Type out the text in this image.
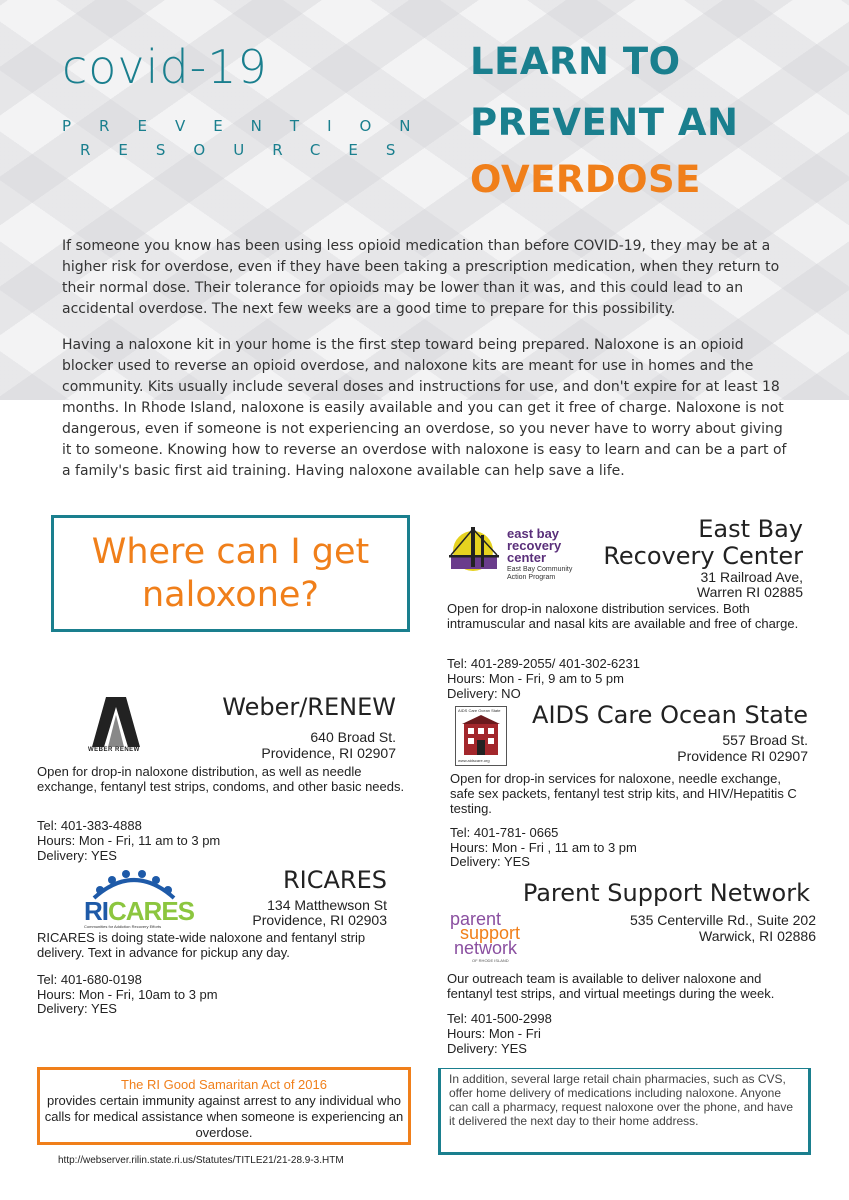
covid-19
PREVENTION
RESOURCES
LEARN TO
PREVENT AN
OVERDOSE

If someone you know has been using less opioid medication than before COVID-19, they may be at a higher risk for overdose, even if they have been taking a prescription medication, when they return to their normal dose. Their tolerance for opioids may be lower than it was, and this could lead to an accidental overdose. The next few weeks are a good time to prepare for this possibility.

Having a naloxone kit in your home is the first step toward being prepared. Naloxone is an opioid blocker used to reverse an opioid overdose, and naloxone kits are meant for use in homes and the community. Kits usually include several doses and instructions for use, and don't expire for at least 18 months. In Rhode Island, naloxone is easily available and you can get it free of charge. Naloxone is not dangerous, even if someone is not experiencing an overdose, so you never have to worry about giving it to someone. Knowing how to reverse an overdose with naloxone is easy to learn and can be a part of a family's basic first aid training. Having naloxone available can help save a life.

Where can I get naloxone?
east bay
recovery
center
East Bay Community
Action Program
East Bay
Recovery Center
31 Railroad Ave,
Warren RI 02885
Open for drop-in naloxone distribution services. Both intramuscular and nasal kits are available and free of charge.
Tel: 401-289-2055/ 401-302-6231
Hours: Mon - Fri, 9 am to 5 pm
Delivery: NO
WEBER RENEW
Weber/RENEW
640 Broad St.
Providence, RI 02907
Open for drop-in naloxone distribution, as well as needle exchange, fentanyl test strips, condoms, and other basic needs.
Tel: 401-383-4888
Hours: Mon - Fri, 11 am to 3 pm
Delivery: YES
AIDS Care Ocean State
www.aidscare.org
AIDS Care Ocean State
557 Broad St.
Providence RI 02907
Open for drop-in services for naloxone, needle exchange, safe sex packets, fentanyl test strip kits, and HIV/Hepatitis C testing.
Tel: 401-781- 0665
Hours: Mon - Fri , 11 am to 3 pm
Delivery: YES
RICARES
Communities for Addiction Recovery Efforts
RICARES
134 Matthewson St
Providence, RI 02903
RICARES is doing state-wide naloxone and fentanyl strip delivery. Text in advance for pickup any day.
Tel: 401-680-0198
Hours: Mon - Fri, 10am to 3 pm
Delivery: YES
parent
support
network
OF RHODE ISLAND
Parent Support Network
535 Centerville Rd., Suite 202
Warwick, RI 02886
Our outreach team is available to deliver naloxone and fentanyl test strips, and virtual meetings during the week.
Tel: 401-500-2998
Hours: Mon - Fri
Delivery: YES
The RI Good Samaritan Act of 2016
provides certain immunity against arrest to any individual who calls for medical assistance when someone is experiencing an overdose.
http://webserver.rilin.state.ri.us/Statutes/TITLE21/21-28.9-3.HTM
In addition, several large retail chain pharmacies, such as CVS, offer home delivery of medications including naloxone. Anyone can call a pharmacy, request naloxone over the phone, and have it delivered the next day to their home address.
